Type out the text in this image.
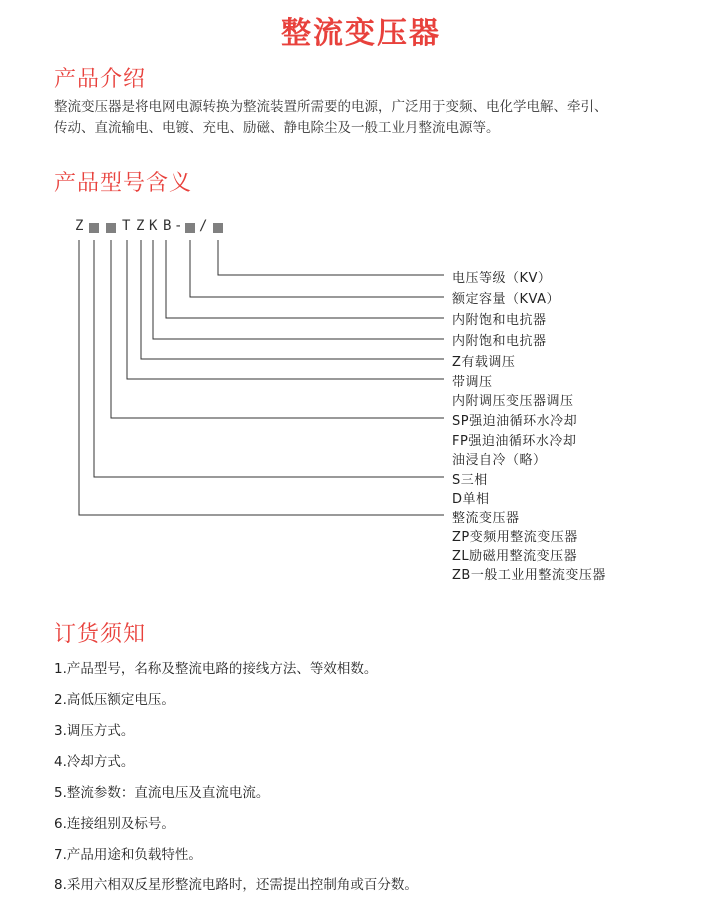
整流变压器
产品介绍
整流变压器是将电网电源转换为整流装置所需要的电源，广泛用于变频、电化学电解、牵引、
传动、直流输电、电镀、充电、励磁、静电除尘及一般工业月整流电源等。
产品型号含义
Z	T Z K B - /
电压等级（KV）
额定容量（KVA）
内附饱和电抗器
内附饱和电抗器
Z有载调压
带调压
内附调压变压器调压
SP强迫油循环水冷却
FP强迫油循环水冷却
油浸自冷（略）
S三相
D单相
整流变压器
ZP变频用整流变压器
ZL励磁用整流变压器
ZB一般工业用整流变压器
订货须知
1.产品型号，名称及整流电路的接线方法、等效相数。
2.高低压额定电压。
3.调压方式。
4.冷却方式。
5.整流参数：直流电压及直流电流。
6.连接组别及标号。
7.产品用途和负载特性。
8.采用六相双反星形整流电路时，还需提出控制角或百分数。
